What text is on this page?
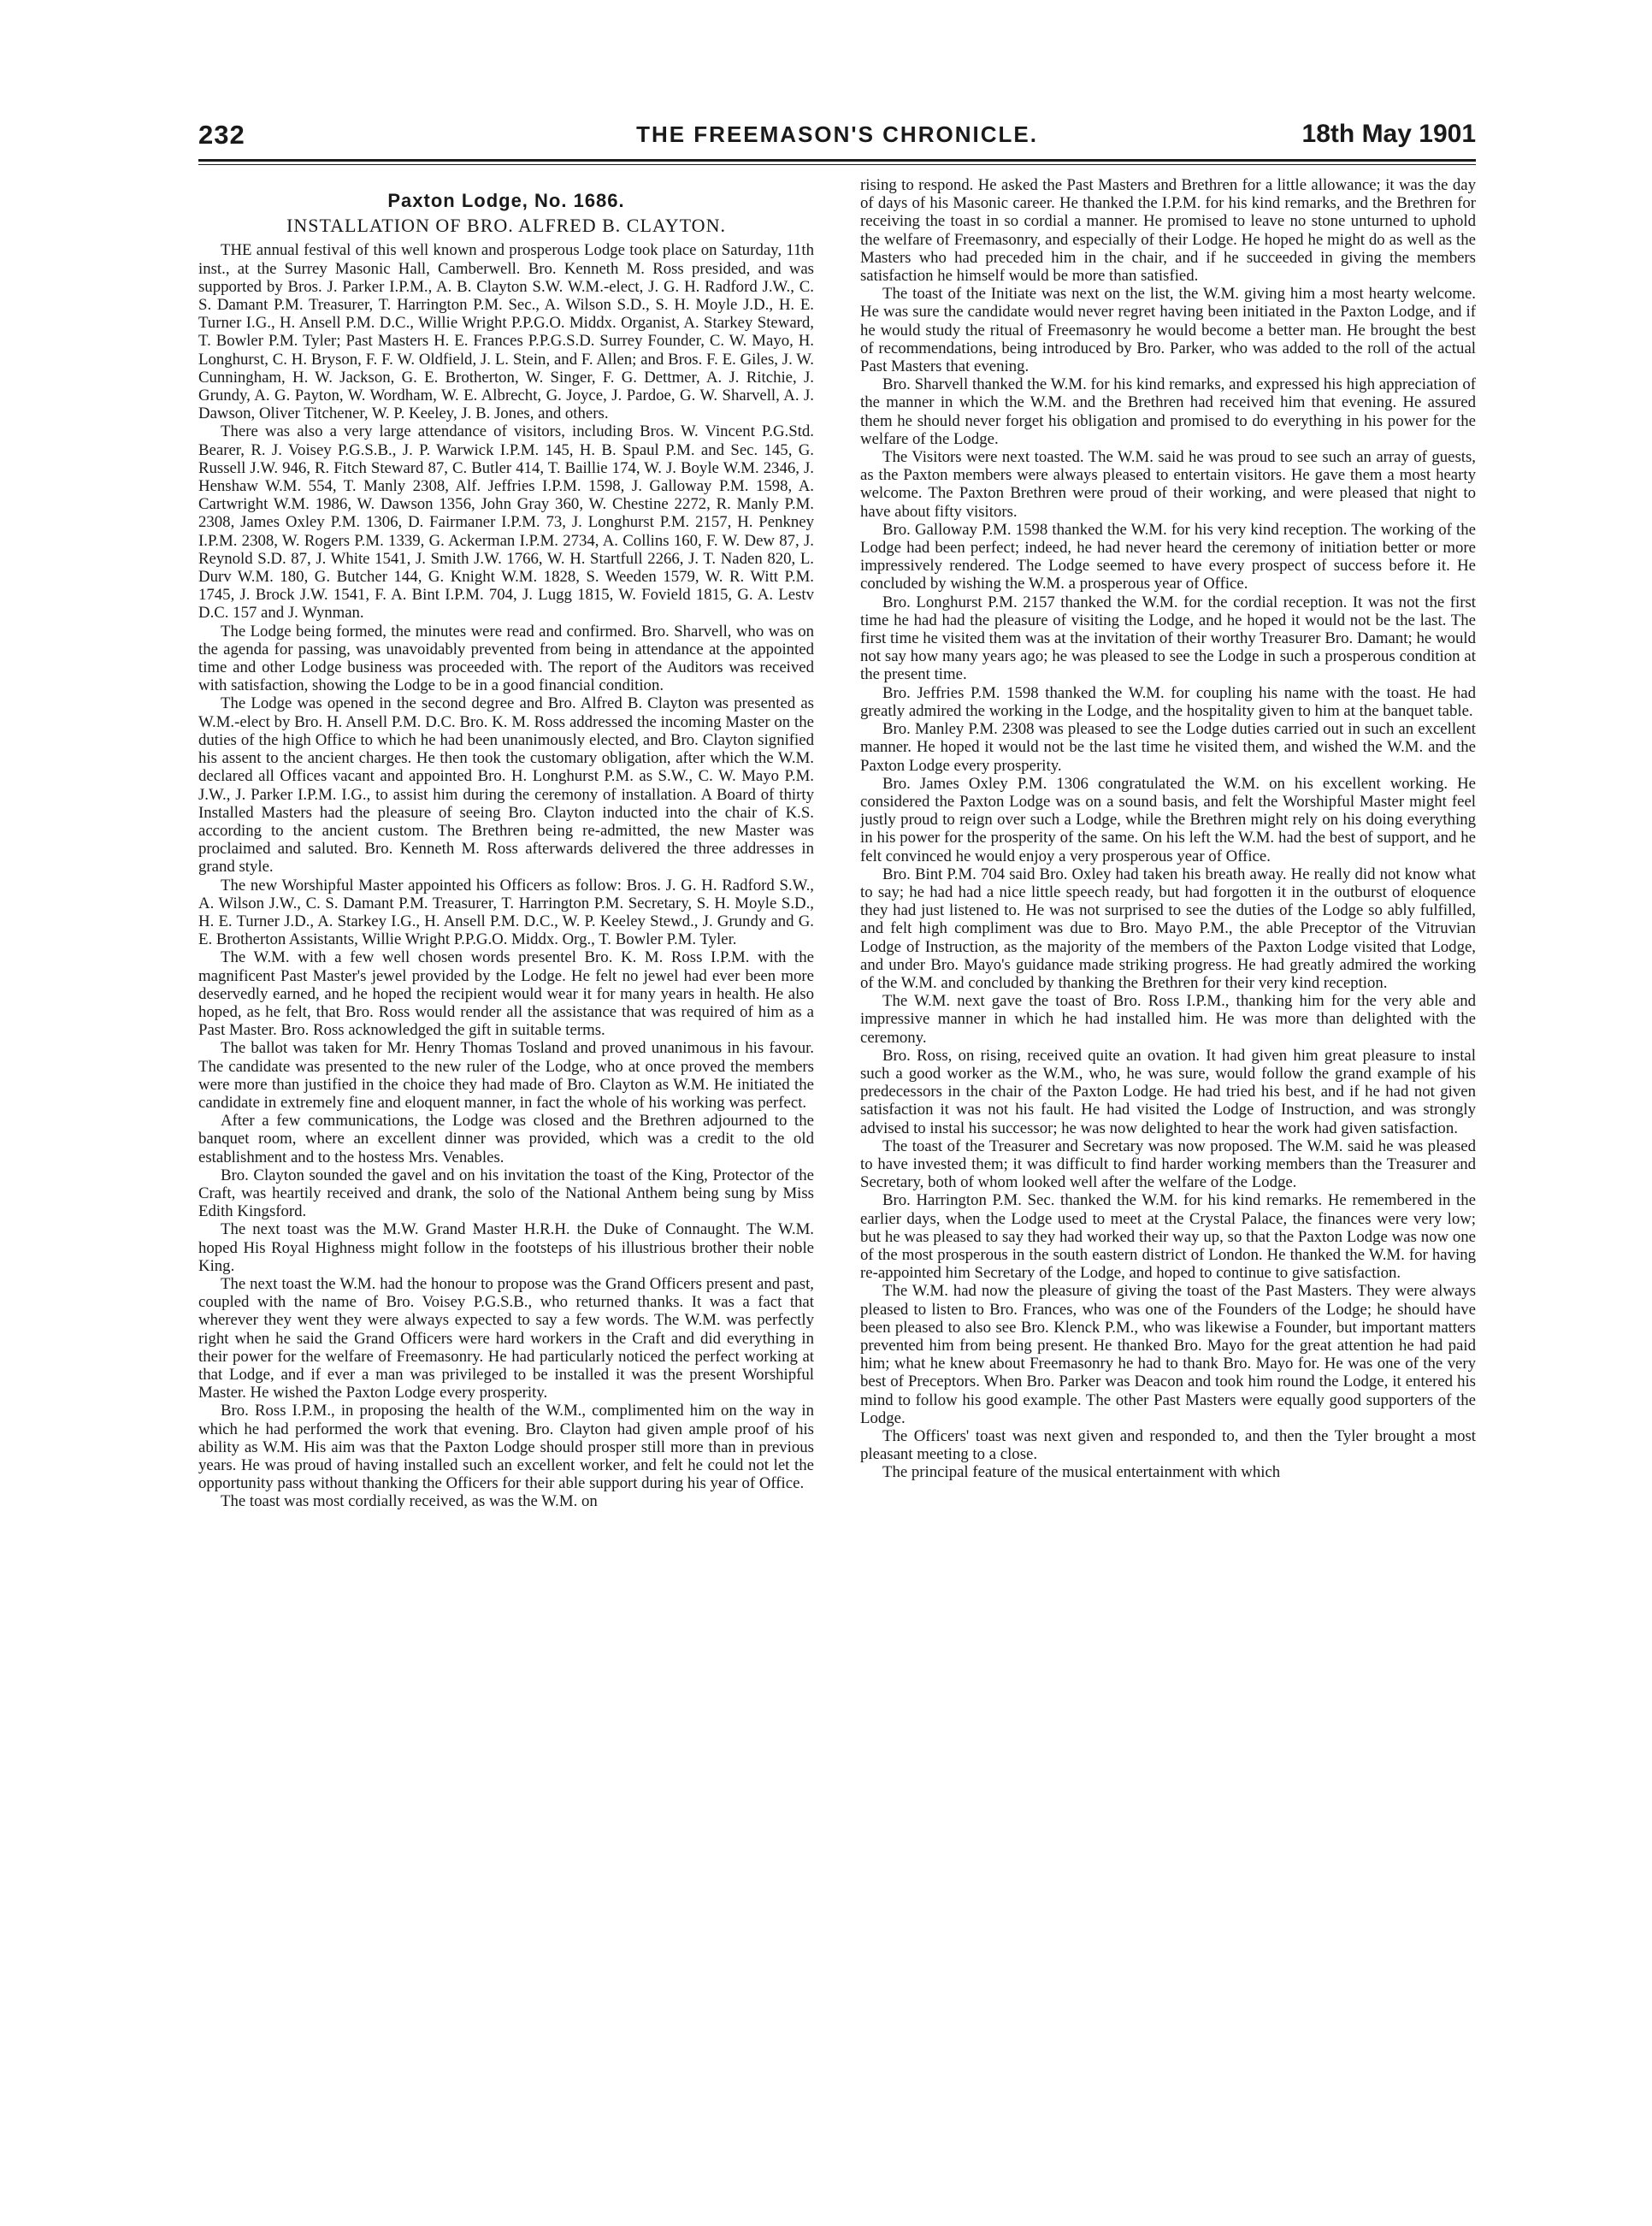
232	THE FREEMASON'S CHRONICLE.	18th May 1901
Paxton Lodge, No. 1686.
INSTALLATION OF BRO. ALFRED B. CLAYTON.

THE annual festival of this well known and prosperous Lodge took place on Saturday, 11th inst., at the Surrey Masonic Hall, Camberwell. Bro. Kenneth M. Ross presided, and was supported by Bros. J. Parker I.P.M., A. B. Clayton S.W. W.M.-elect, J. G. H. Radford J.W., C. S. Damant P.M. Treasurer, T. Harrington P.M. Sec., A. Wilson S.D., S. H. Moyle J.D., H. E. Turner I.G., H. Ansell P.M. D.C., Willie Wright P.P.G.O. Middx. Organist, A. Starkey Steward, T. Bowler P.M. Tyler; Past Masters H. E. Frances P.P.G.S.D. Surrey Founder, C. W. Mayo, H. Longhurst, C. H. Bryson, F. F. W. Oldfield, J. L. Stein, and F. Allen; and Bros. F. E. Giles, J. W. Cunningham, H. W. Jackson, G. E. Brotherton, W. Singer, F. G. Dettmer, A. J. Ritchie, J. Grundy, A. G. Payton, W. Wordham, W. E. Albrecht, G. Joyce, J. Pardoe, G. W. Sharvell, A. J. Dawson, Oliver Titchener, W. P. Keeley, J. B. Jones, and others.

There was also a very large attendance of visitors, including Bros. W. Vincent P.G.Std. Bearer, R. J. Voisey P.G.S.B., J. P. Warwick I.P.M. 145, H. B. Spaul P.M. and Sec. 145, G. Russell J.W. 946, R. Fitch Steward 87, C. Butler 414, T. Baillie 174, W. J. Boyle W.M. 2346, J. Henshaw W.M. 554, T. Manly 2308, Alf. Jeffries I.P.M. 1598, J. Galloway P.M. 1598, A. Cartwright W.M. 1986, W. Dawson 1356, John Gray 360, W. Chestine 2272, R. Manly P.M. 2308, James Oxley P.M. 1306, D. Fairmaner I.P.M. 73, J. Longhurst P.M. 2157, H. Penkney I.P.M. 2308, W. Rogers P.M. 1339, G. Ackerman I.P.M. 2734, A. Collins 160, F. W. Dew 87, J. Reynold S.D. 87, J. White 1541, J. Smith J.W. 1766, W. H. Startfull 2266, J. T. Naden 820, L. Durv W.M. 180, G. Butcher 144, G. Knight W.M. 1828, S. Weeden 1579, W. R. Witt P.M. 1745, J. Brock J.W. 1541, F. A. Bint I.P.M. 704, J. Lugg 1815, W. Fovield 1815, G. A. Lestv D.C. 157 and J. Wynman.

The Lodge being formed, the minutes were read and confirmed. Bro. Sharvell, who was on the agenda for passing, was unavoidably prevented from being in attendance at the appointed time and other Lodge business was proceeded with. The report of the Auditors was received with satisfaction, showing the Lodge to be in a good financial condition.

The Lodge was opened in the second degree and Bro. Alfred B. Clayton was presented as W.M.-elect by Bro. H. Ansell P.M. D.C. Bro. K. M. Ross addressed the incoming Master on the duties of the high Office to which he had been unanimously elected, and Bro. Clayton signified his assent to the ancient charges. He then took the customary obligation, after which the W.M. declared all Offices vacant and appointed Bro. H. Longhurst P.M. as S.W., C. W. Mayo P.M. J.W., J. Parker I.P.M. I.G., to assist him during the ceremony of installation. A Board of thirty Installed Masters had the pleasure of seeing Bro. Clayton inducted into the chair of K.S. according to the ancient custom. The Brethren being re-admitted, the new Master was proclaimed and saluted. Bro. Kenneth M. Ross afterwards delivered the three addresses in grand style.

The new Worshipful Master appointed his Officers as follow: Bros. J. G. H. Radford S.W., A. Wilson J.W., C. S. Damant P.M. Treasurer, T. Harrington P.M. Secretary, S. H. Moyle S.D., H. E. Turner J.D., A. Starkey I.G., H. Ansell P.M. D.C., W. P. Keeley Stewd., J. Grundy and G. E. Brotherton Assistants, Willie Wright P.P.G.O. Middx. Org., T. Bowler P.M. Tyler.

The W.M. with a few well chosen words presentel Bro. K. M. Ross I.P.M. with the magnificent Past Master's jewel provided by the Lodge. He felt no jewel had ever been more deservedly earned, and he hoped the recipient would wear it for many years in health. He also hoped, as he felt, that Bro. Ross would render all the assistance that was required of him as a Past Master. Bro. Ross acknowledged the gift in suitable terms.

The ballot was taken for Mr. Henry Thomas Tosland and proved unanimous in his favour. The candidate was presented to the new ruler of the Lodge, who at once proved the members were more than justified in the choice they had made of Bro. Clayton as W.M. He initiated the candidate in extremely fine and eloquent manner, in fact the whole of his working was perfect.

After a few communications, the Lodge was closed and the Brethren adjourned to the banquet room, where an excellent dinner was provided, which was a credit to the old establishment and to the hostess Mrs. Venables.

Bro. Clayton sounded the gavel and on his invitation the toast of the King, Protector of the Craft, was heartily received and drank, the solo of the National Anthem being sung by Miss Edith Kingsford.

The next toast was the M.W. Grand Master H.R.H. the Duke of Connaught. The W.M. hoped His Royal Highness might follow in the footsteps of his illustrious brother their noble King.

The next toast the W.M. had the honour to propose was the Grand Officers present and past, coupled with the name of Bro. Voisey P.G.S.B., who returned thanks. It was a fact that wherever they went they were always expected to say a few words. The W.M. was perfectly right when he said the Grand Officers were hard workers in the Craft and did everything in their power for the welfare of Freemasonry. He had particularly noticed the perfect working at that Lodge, and if ever a man was privileged to be installed it was the present Worshipful Master. He wished the Paxton Lodge every prosperity.

Bro. Ross I.P.M., in proposing the health of the W.M., complimented him on the way in which he had performed the work that evening. Bro. Clayton had given ample proof of his ability as W.M. His aim was that the Paxton Lodge should prosper still more than in previous years. He was proud of having installed such an excellent worker, and felt he could not let the opportunity pass without thanking the Officers for their able support during his year of Office.

The toast was most cordially received, as was the W.M. on

rising to respond. He asked the Past Masters and Brethren for a little allowance; it was the day of days of his Masonic career. He thanked the I.P.M. for his kind remarks, and the Brethren for receiving the toast in so cordial a manner. He promised to leave no stone unturned to uphold the welfare of Freemasonry, and especially of their Lodge. He hoped he might do as well as the Masters who had preceded him in the chair, and if he succeeded in giving the members satisfaction he himself would be more than satisfied.

The toast of the Initiate was next on the list, the W.M. giving him a most hearty welcome. He was sure the candidate would never regret having been initiated in the Paxton Lodge, and if he would study the ritual of Freemasonry he would become a better man. He brought the best of recommendations, being introduced by Bro. Parker, who was added to the roll of the actual Past Masters that evening.

Bro. Sharvell thanked the W.M. for his kind remarks, and expressed his high appreciation of the manner in which the W.M. and the Brethren had received him that evening. He assured them he should never forget his obligation and promised to do everything in his power for the welfare of the Lodge.

The Visitors were next toasted. The W.M. said he was proud to see such an array of guests, as the Paxton members were always pleased to entertain visitors. He gave them a most hearty welcome. The Paxton Brethren were proud of their working, and were pleased that night to have about fifty visitors.

Bro. Galloway P.M. 1598 thanked the W.M. for his very kind reception. The working of the Lodge had been perfect; indeed, he had never heard the ceremony of initiation better or more impressively rendered. The Lodge seemed to have every prospect of success before it. He concluded by wishing the W.M. a prosperous year of Office.

Bro. Longhurst P.M. 2157 thanked the W.M. for the cordial reception. It was not the first time he had had the pleasure of visiting the Lodge, and he hoped it would not be the last. The first time he visited them was at the invitation of their worthy Treasurer Bro. Damant; he would not say how many years ago; he was pleased to see the Lodge in such a prosperous condition at the present time.

Bro. Jeffries P.M. 1598 thanked the W.M. for coupling his name with the toast. He had greatly admired the working in the Lodge, and the hospitality given to him at the banquet table.

Bro. Manley P.M. 2308 was pleased to see the Lodge duties carried out in such an excellent manner. He hoped it would not be the last time he visited them, and wished the W.M. and the Paxton Lodge every prosperity.

Bro. James Oxley P.M. 1306 congratulated the W.M. on his excellent working. He considered the Paxton Lodge was on a sound basis, and felt the Worshipful Master might feel justly proud to reign over such a Lodge, while the Brethren might rely on his doing everything in his power for the prosperity of the same. On his left the W.M. had the best of support, and he felt convinced he would enjoy a very prosperous year of Office.

Bro. Bint P.M. 704 said Bro. Oxley had taken his breath away. He really did not know what to say; he had had a nice little speech ready, but had forgotten it in the outburst of eloquence they had just listened to. He was not surprised to see the duties of the Lodge so ably fulfilled, and felt high compliment was due to Bro. Mayo P.M., the able Preceptor of the Vitruvian Lodge of Instruction, as the majority of the members of the Paxton Lodge visited that Lodge, and under Bro. Mayo's guidance made striking progress. He had greatly admired the working of the W.M. and concluded by thanking the Brethren for their very kind reception.

The W.M. next gave the toast of Bro. Ross I.P.M., thanking him for the very able and impressive manner in which he had installed him. He was more than delighted with the ceremony.

Bro. Ross, on rising, received quite an ovation. It had given him great pleasure to instal such a good worker as the W.M., who, he was sure, would follow the grand example of his predecessors in the chair of the Paxton Lodge. He had tried his best, and if he had not given satisfaction it was not his fault. He had visited the Lodge of Instruction, and was strongly advised to instal his successor; he was now delighted to hear the work had given satisfaction.

The toast of the Treasurer and Secretary was now proposed. The W.M. said he was pleased to have invested them; it was difficult to find harder working members than the Treasurer and Secretary, both of whom looked well after the welfare of the Lodge.

Bro. Harrington P.M. Sec. thanked the W.M. for his kind remarks. He remembered in the earlier days, when the Lodge used to meet at the Crystal Palace, the finances were very low; but he was pleased to say they had worked their way up, so that the Paxton Lodge was now one of the most prosperous in the south eastern district of London. He thanked the W.M. for having re-appointed him Secretary of the Lodge, and hoped to continue to give satisfaction.

The W.M. had now the pleasure of giving the toast of the Past Masters. They were always pleased to listen to Bro. Frances, who was one of the Founders of the Lodge; he should have been pleased to also see Bro. Klenck P.M., who was likewise a Founder, but important matters prevented him from being present. He thanked Bro. Mayo for the great attention he had paid him; what he knew about Freemasonry he had to thank Bro. Mayo for. He was one of the very best of Preceptors. When Bro. Parker was Deacon and took him round the Lodge, it entered his mind to follow his good example. The other Past Masters were equally good supporters of the Lodge.

The Officers' toast was next given and responded to, and then the Tyler brought a most pleasant meeting to a close.

The principal feature of the musical entertainment with which
